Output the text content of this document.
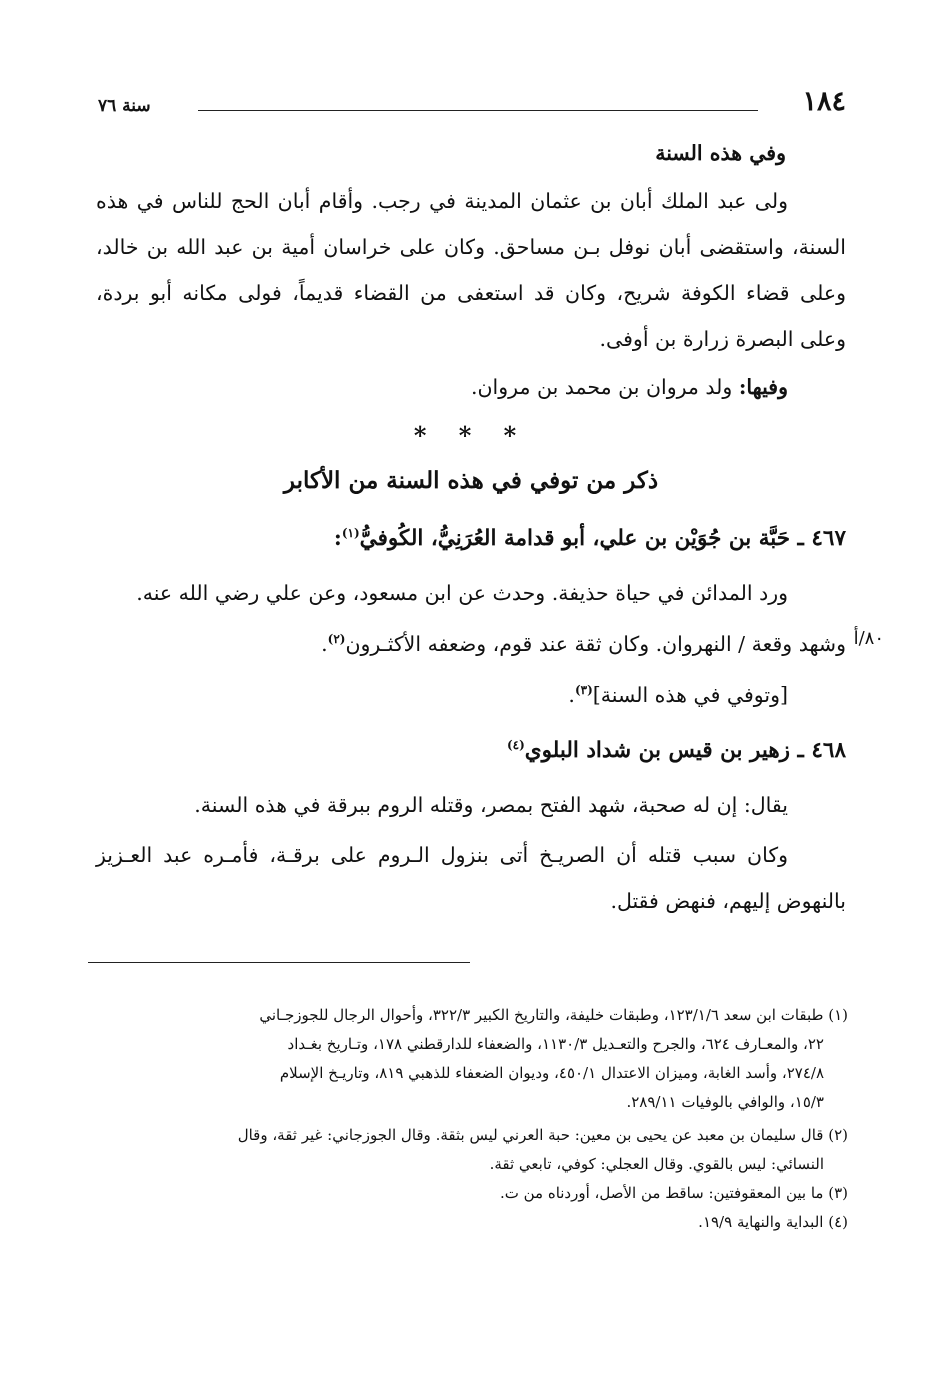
١٨٤
سنة ٧٦

وفي هذه السنة

ولى عبد الملك أبان بن عثمان المدينة في رجب. وأقام أبان الحج للناس في هذه السنة، واستقضى أبان نوفل بـن مساحق. وكان على خراسان أمية بن عبد الله بن خالد، وعلى قضاء الكوفة شريح، وكان قد استعفى من القضاء قديماً، فولى مكانه أبو بردة، وعلى البصرة زرارة بن أوفى.

وفيها: ولد مروان بن محمد بن مروان.

* * *

ذكر من توفي في هذه السنة من الأكابر

٤٦٧ ـ حَبَّة بن جُوَيْن بن علي، أبو قدامة العُرَنِيُّ، الكُوفيُّ$^{(١)}$:

ورد المدائن في حياة حذيفة. وحدث عن ابن مسعود، وعن علي رضي الله عنه.

٨٠/أ
وشهد وقعة / النهروان. وكان ثقة عند قوم، وضعفه الأكثـرون$^{(٢)}$.

[وتوفي في هذه السنة]$^{(٣)}$.

٤٦٨ ـ زهير بن قيس بن شداد البلوي$^{(٤)}$

يقال: إن له صحبة، شهد الفتح بمصر، وقتله الروم ببرقة في هذه السنة.

وكان سبب قتله أن الصريـخ أتى بنزول الـروم على برقـة، فأمـره عبد العـزيز بالنهوض إليهم، فنهض فقتل.

(١) طبقات ابن سعد ١٢٣/١/٦، وطبقات خليفة، والتاريخ الكبير ٣٢٢/٣، وأحوال الرجال للجوزجـاني

٢٢، والمعـارف ٦٢٤، والجرح والتعـديل ١١٣٠/٣، والضعفاء للدارقطني ١٧٨، وتـاريخ بغـداد

٢٧٤/٨، وأسد الغابة، وميزان الاعتدال ٤٥٠/١، وديوان الضعفاء للذهبي ٨١٩، وتاريـخ الإسلام

١٥/٣، والوافي بالوفيات ٢٨٩/١١.

(٢) قال سليمان بن معبد عن يحيى بن معين: حبة العرني ليس بثقة. وقال الجوزجاني: غير ثقة، وقال

النسائي: ليس بالقوي. وقال العجلي: كوفي، تابعي ثقة.

(٣) ما بين المعقوفتين: ساقط من الأصل، أوردناه من ت.

(٤) البداية والنهاية ١٩/٩.
